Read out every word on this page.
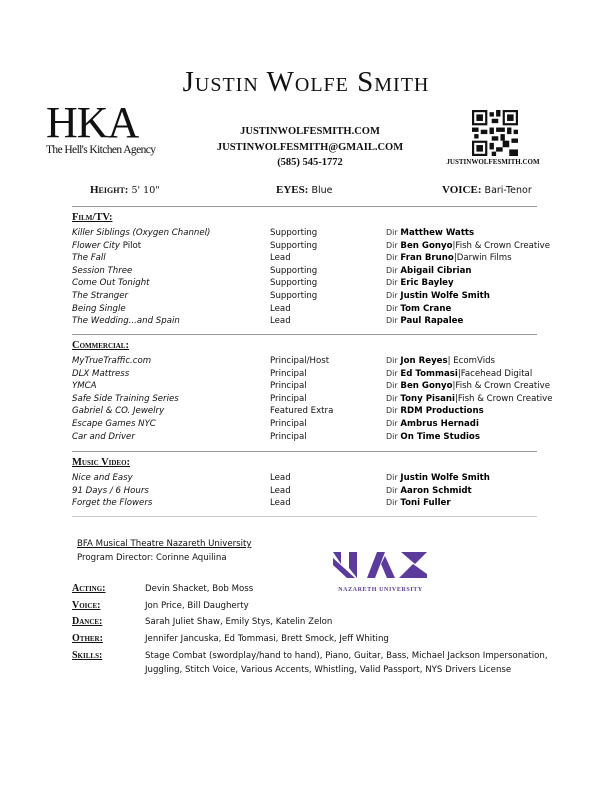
Justin Wolfe Smith
HKA
The Hell's Kitchen Agency
JUSTINWOLFESMITH.COM
JUSTINWOLFESMITH@GMAIL.COM
(585) 545-1772	JUSTINWOLFESMITH.COM
Height: 5' 10"	EYES: Blue	VOICE: Bari-Tenor
Film/TV:
Killer Siblings (Oxygen Channel)	Supporting	Dir Matthew Watts
Flower City Pilot	Supporting	Dir Ben Gonyo|Fish & Crown Creative
The Fall	Lead	Dir Fran Bruno|Darwin Films
Session Three	Supporting	Dir Abigail Cibrian
Come Out Tonight	Supporting	Dir Eric Bayley
The Stranger	Supporting	Dir Justin Wolfe Smith
Being Single	Lead	Dir Tom Crane
The Wedding...and Spain	Lead	Dir Paul Rapalee
Commercial:
MyTrueTraffic.com	Principal/Host	Dir Jon Reyes| EcomVids
DLX Mattress	Principal	Dir Ed Tommasi|Facehead Digital
YMCA	Principal	Dir Ben Gonyo|Fish & Crown Creative
Safe Side Training Series	Principal	Dir Tony Pisani|Fish & Crown Creative
Gabriel & CO. Jewelry	Featured Extra	Dir RDM Productions
Escape Games NYC	Principal	Dir Ambrus Hernadi
Car and Driver	Principal	Dir On Time Studios
Music Video:
Nice and Easy	Lead	Dir Justin Wolfe Smith
91 Days / 6 Hours	Lead	Dir Aaron Schmidt
Forget the Flowers	Lead	Dir Toni Fuller
BFA Musical Theatre Nazareth University
Program Director: Corinne Aquilina
NAZARETH UNIVERSITY
Acting:	Devin Shacket, Bob Moss
Voice:	Jon Price, Bill Daugherty
Dance:	Sarah Juliet Shaw, Emily Stys, Katelin Zelon
Other:	Jennifer Jancuska, Ed Tommasi, Brett Smock, Jeff Whiting
Skills:	Stage Combat (swordplay/hand to hand), Piano, Guitar, Bass, Michael Jackson Impersonation,
Juggling, Stitch Voice, Various Accents, Whistling, Valid Passport, NYS Drivers License
